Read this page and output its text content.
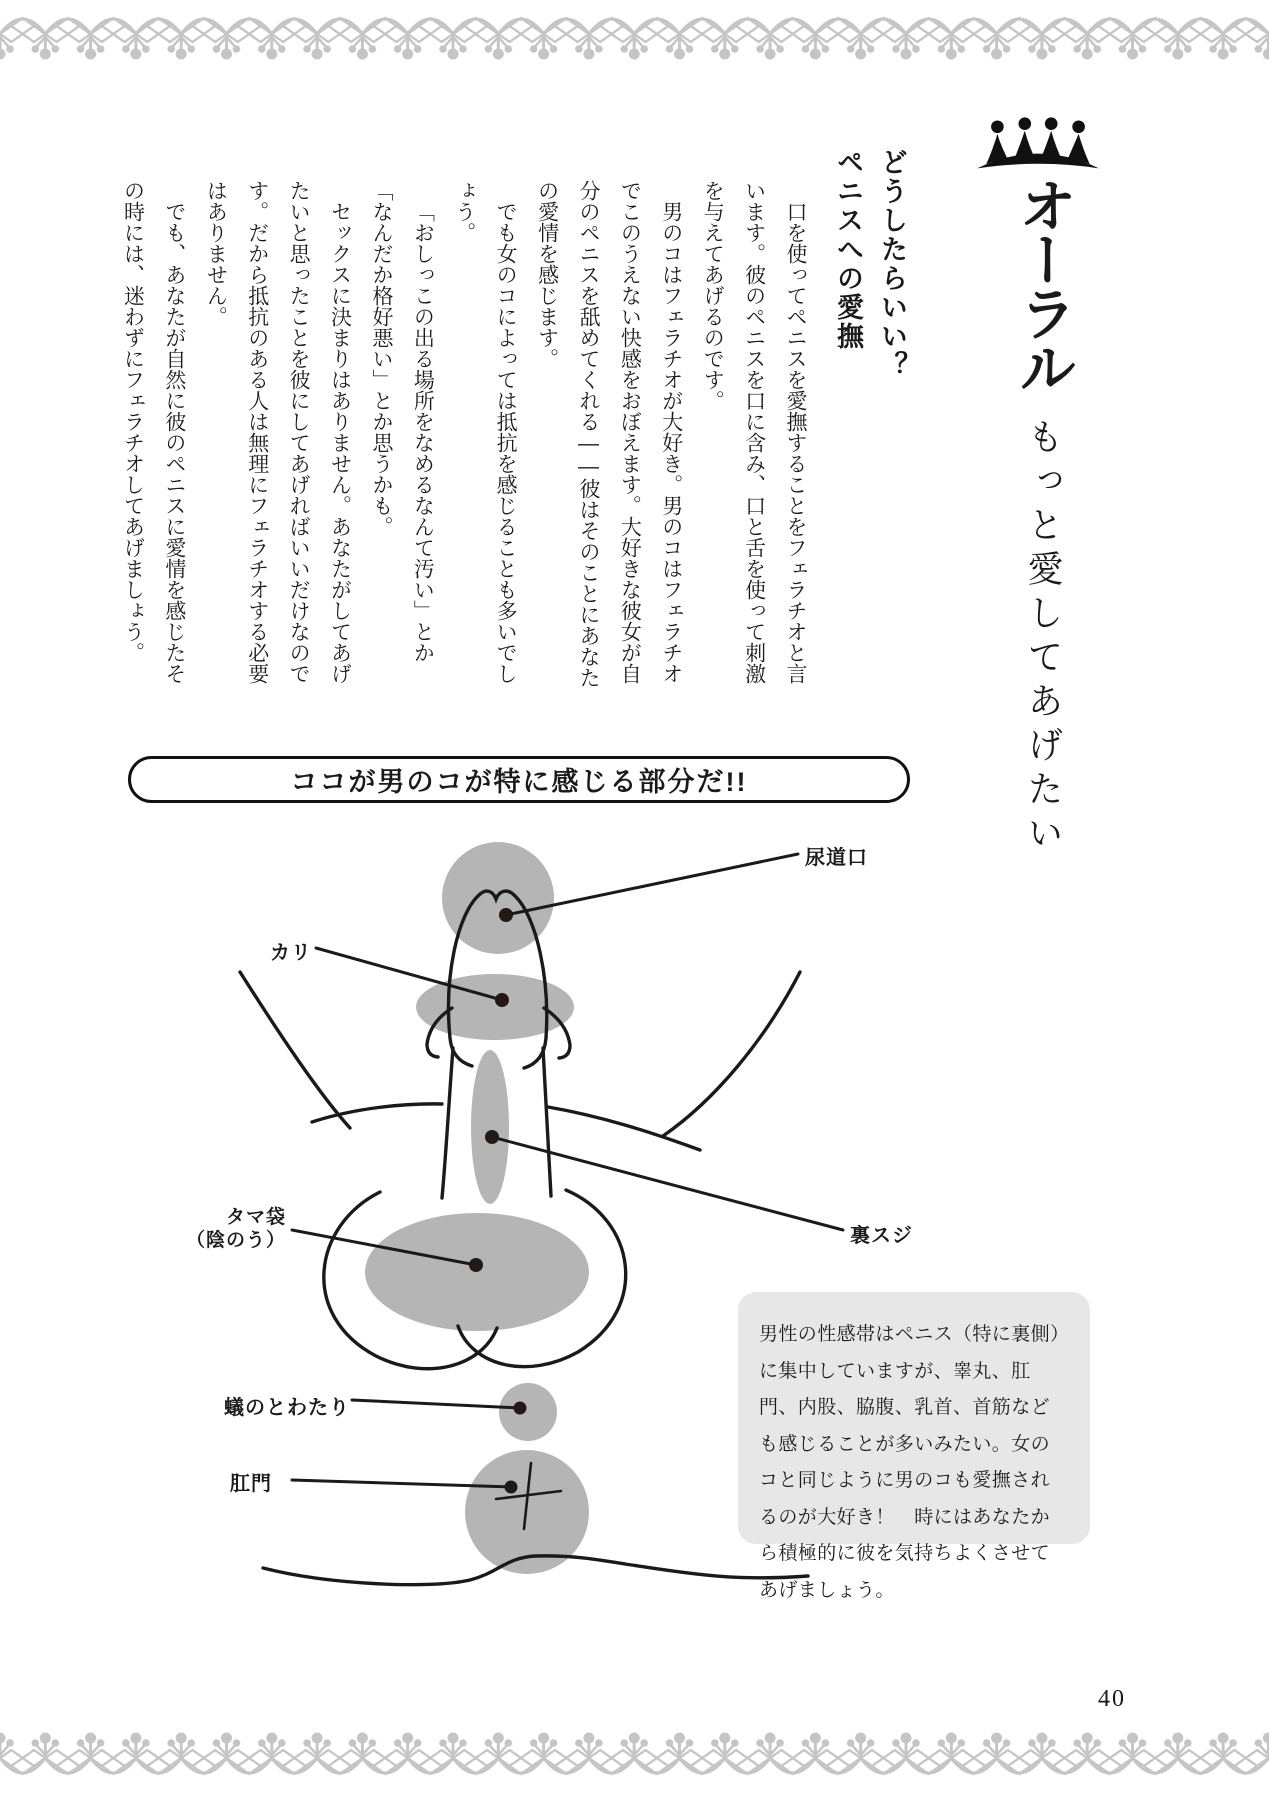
オーラル
もっと愛してあげたい
どうしたらいい？
ペニスへの愛撫

口を使ってペニスを愛撫することをフェラチオと言います。彼のペニスを口に含み、口と舌を使って刺激を与えてあげるのです。

男のコはフェラチオが大好き。男のコはフェラチオでこのうえない快感をおぼえます。大好きな彼女が自分のペニスを舐めてくれる——彼はそのことにあなたの愛情を感じます。

でも女のコによっては抵抗を感じることも多いでしょう。

「おしっこの出る場所をなめるなんて汚い」とか「なんだか格好悪い」とか思うかも。

セックスに決まりはありません。あなたがしてあげたいと思ったことを彼にしてあげればいいだけなのです。だから抵抗のある人は無理にフェラチオする必要はありません。

でも、あなたが自然に彼のペニスに愛情を感じたその時には、迷わずにフェラチオしてあげましょう。

ココが男のコが特に感じる部分だ!!
尿道口
カリ
裏スジ
タマ袋
（陰のう）
蟻のとわたり
肛門
男性の性感帯はペニス（特に裏側）に集中していますが、睾丸、肛門、内股、脇腹、乳首、首筋なども感じることが多いみたい。女のコと同じように男のコも愛撫されるのが大好き！　時にはあなたから積極的に彼を気持ちよくさせてあげましょう。
40
